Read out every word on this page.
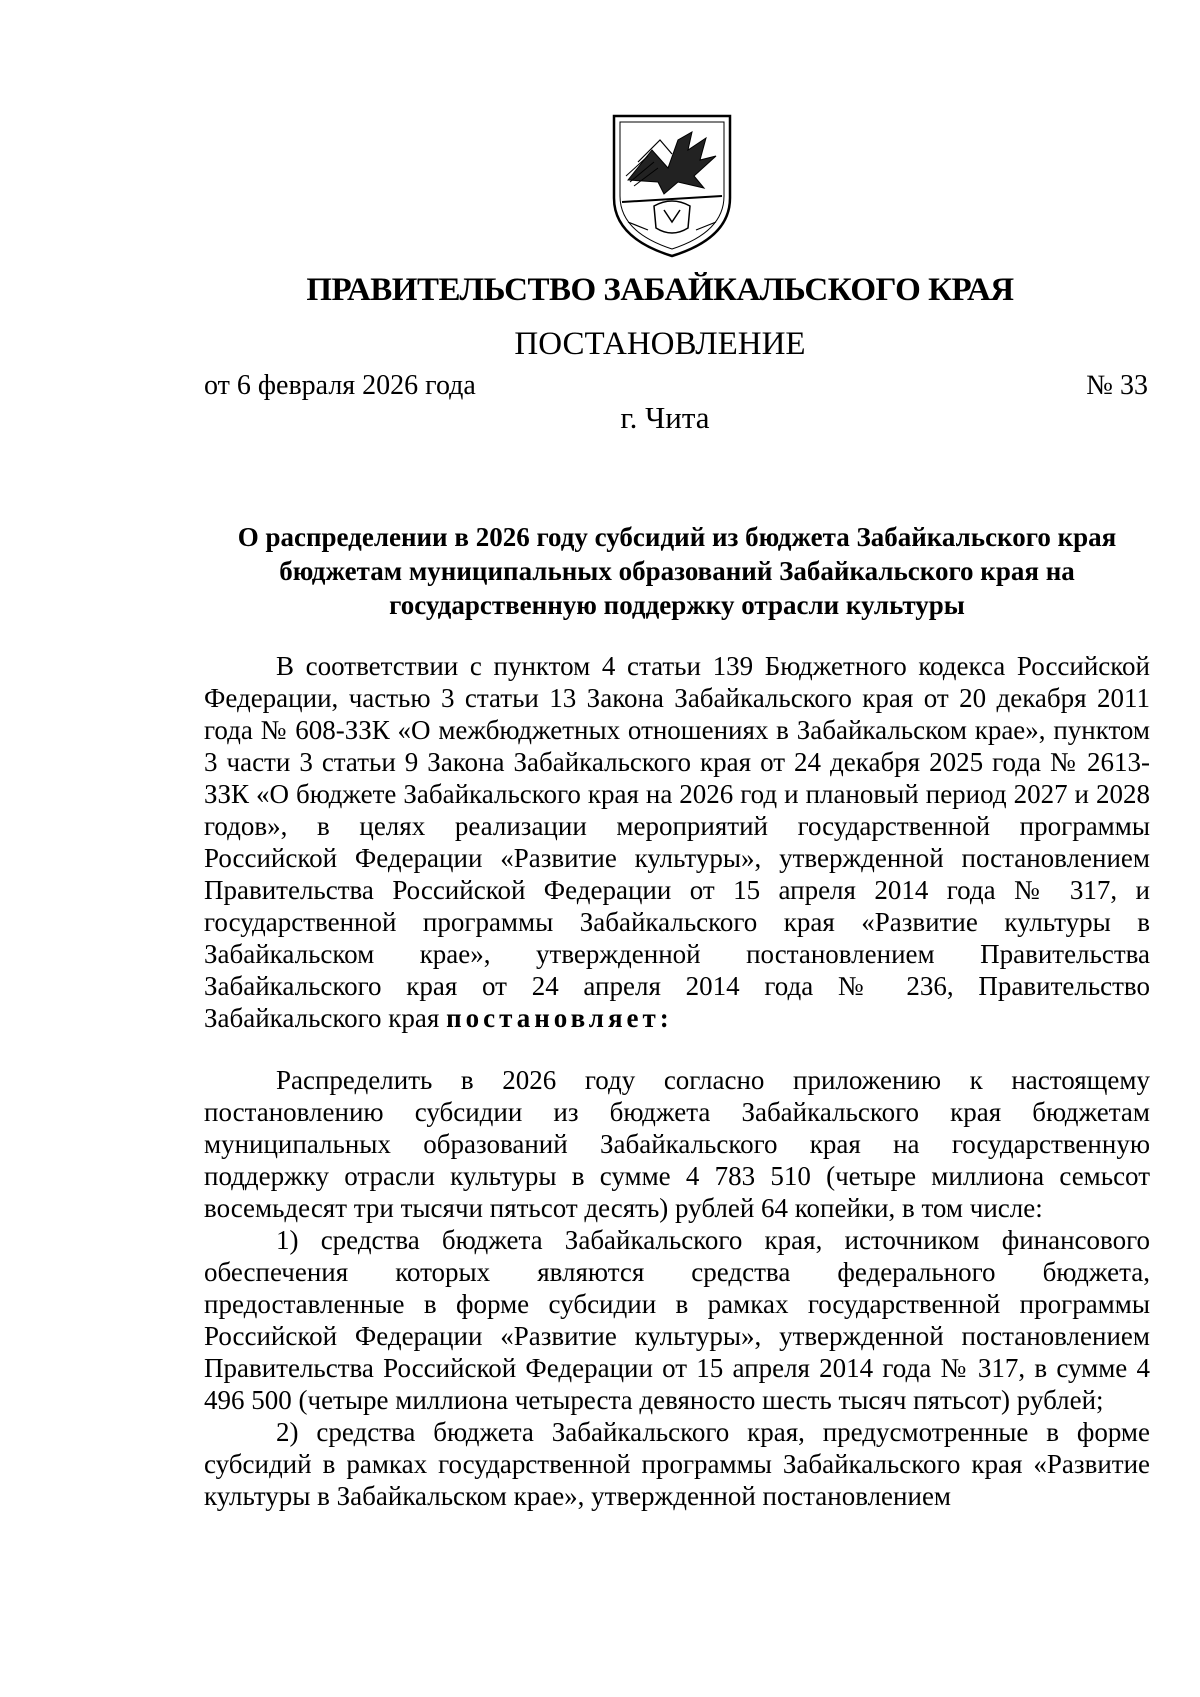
ПРАВИТЕЛЬСТВО ЗАБАЙКАЛЬСКОГО КРАЯ

ПОСТАНОВЛЕНИЕ

от 6 февраля 2026 года	№ 33

г. Чита

О распределении в 2026 году субсидий из бюджета Забайкальского края бюджетам муниципальных образований Забайкальского края на государственную поддержку отрасли культуры

В соответствии с пунктом 4 статьи 139 Бюджетного кодекса Российской Федерации, частью 3 статьи 13 Закона Забайкальского края от 20 декабря 2011 года № 608-ЗЗК «О межбюджетных отношениях в Забайкальском крае», пунктом 3 части 3 статьи 9 Закона Забайкальского края от 24 декабря 2025 года № 2613-ЗЗК «О бюджете Забайкальского края на 2026 год и плановый период 2027 и 2028 годов», в целях реализации мероприятий государственной программы Российской Федерации «Развитие культуры», утвержденной постановлением Правительства Российской Федерации от 15 апреля 2014 года № 317, и государственной программы Забайкальского края «Развитие культуры в Забайкальском крае», утвержденной постановлением Правительства Забайкальского края от 24 апреля 2014 года № 236, Правительство Забайкальского края постановляет:

Распределить в 2026 году согласно приложению к настоящему постановлению субсидии из бюджета Забайкальского края бюджетам муниципальных образований Забайкальского края на государственную поддержку отрасли культуры в сумме 4 783 510 (четыре миллиона семьсот восемьдесят три тысячи пятьсот десять) рублей 64 копейки, в том числе:

1) средства бюджета Забайкальского края, источником финансового обеспечения которых являются средства федерального бюджета, предоставленные в форме субсидии в рамках государственной программы Российской Федерации «Развитие культуры», утвержденной постановлением Правительства Российской Федерации от 15 апреля 2014 года № 317, в сумме 4 496 500 (четыре миллиона четыреста девяносто шесть тысяч пятьсот) рублей;

2) средства бюджета Забайкальского края, предусмотренные в форме субсидий в рамках государственной программы Забайкальского края «Развитие культуры в Забайкальском крае», утвержденной постановлением
